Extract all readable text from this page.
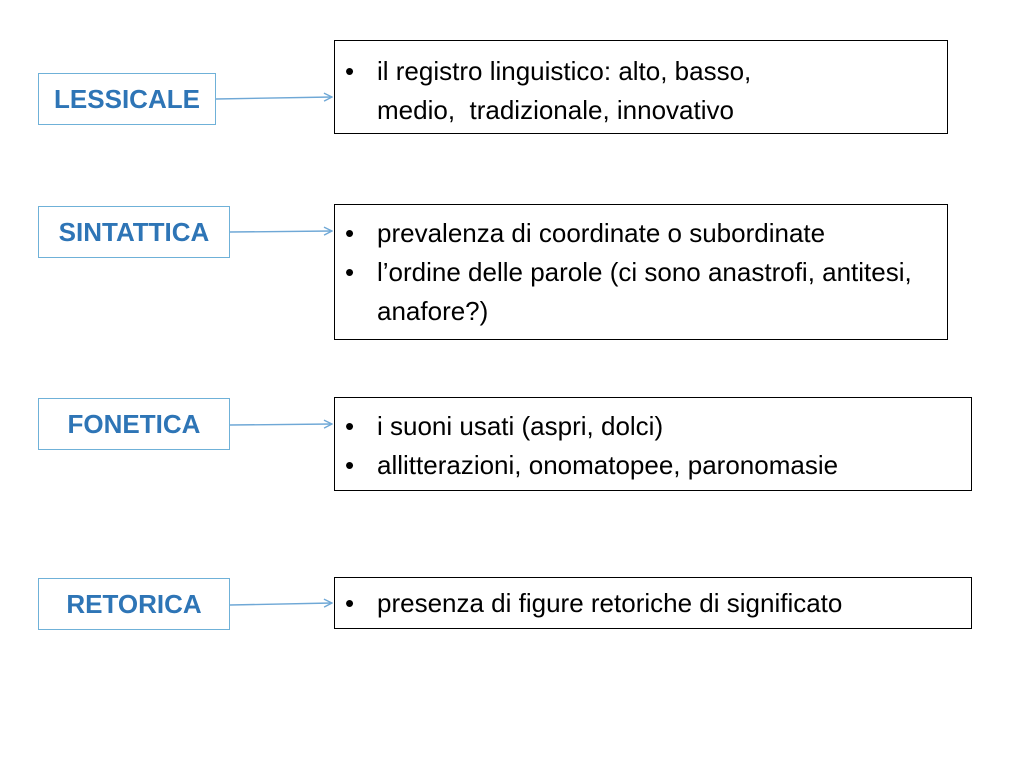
LESSICALE
• il registro linguistico: alto, basso, medio,  tradizionale, innovativo
SINTATTICA	• prevalenza di coordinate o subordinate
• l’ordine delle parole (ci sono anastrofi, antitesi, anafore?)
FONETICA	• i suoni usati (aspri, dolci)
• allitterazioni, onomatopee, paronomasie
RETORICA	• presenza di figure retoriche di significato
